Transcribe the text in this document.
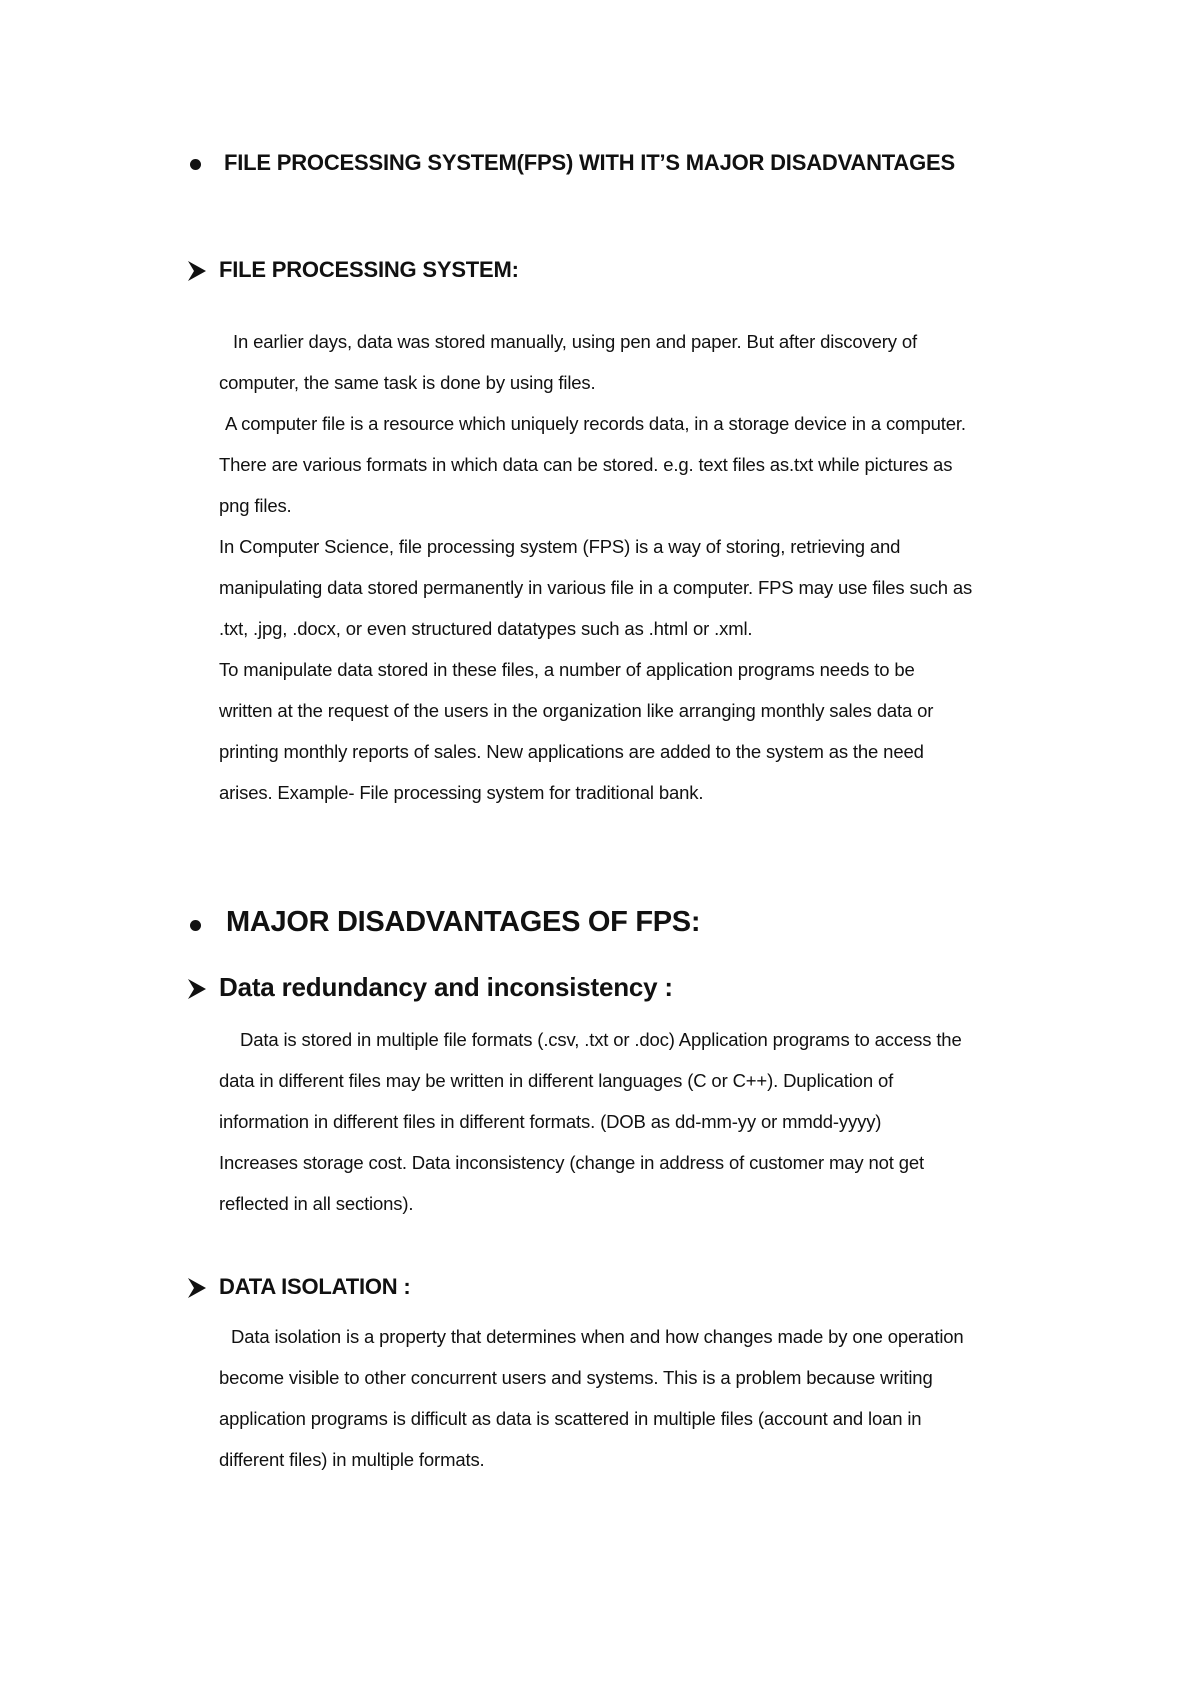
FILE PROCESSING SYSTEM(FPS) WITH IT’S MAJOR DISADVANTAGES
FILE PROCESSING SYSTEM:
In earlier days, data was stored manually, using pen and paper. But after discovery of
computer, the same task is done by using files.
A computer file is a resource which uniquely records data, in a storage device in a computer.
There are various formats in which data can be stored. e.g. text files as.txt while pictures as
png files.
In Computer Science, file processing system (FPS) is a way of storing, retrieving and
manipulating data stored permanently in various file in a computer. FPS may use files such as
.txt, .jpg, .docx, or even structured datatypes such as .html or .xml.
To manipulate data stored in these files, a number of application programs needs to be
written at the request of the users in the organization like arranging monthly sales data or
printing monthly reports of sales. New applications are added to the system as the need
arises. Example- File processing system for traditional bank.
MAJOR DISADVANTAGES OF FPS:
Data redundancy and inconsistency :
Data is stored in multiple file formats (.csv, .txt or .doc) Application programs to access the
data in different files may be written in different languages (C or C++). Duplication of
information in different files in different formats. (DOB as dd-mm-yy or mmdd-yyyy)
Increases storage cost. Data inconsistency (change in address of customer may not get
reflected in all sections).
DATA ISOLATION :
Data isolation is a property that determines when and how changes made by one operation
become visible to other concurrent users and systems. This is a problem because writing
application programs is difficult as data is scattered in multiple files (account and loan in
different files) in multiple formats.
